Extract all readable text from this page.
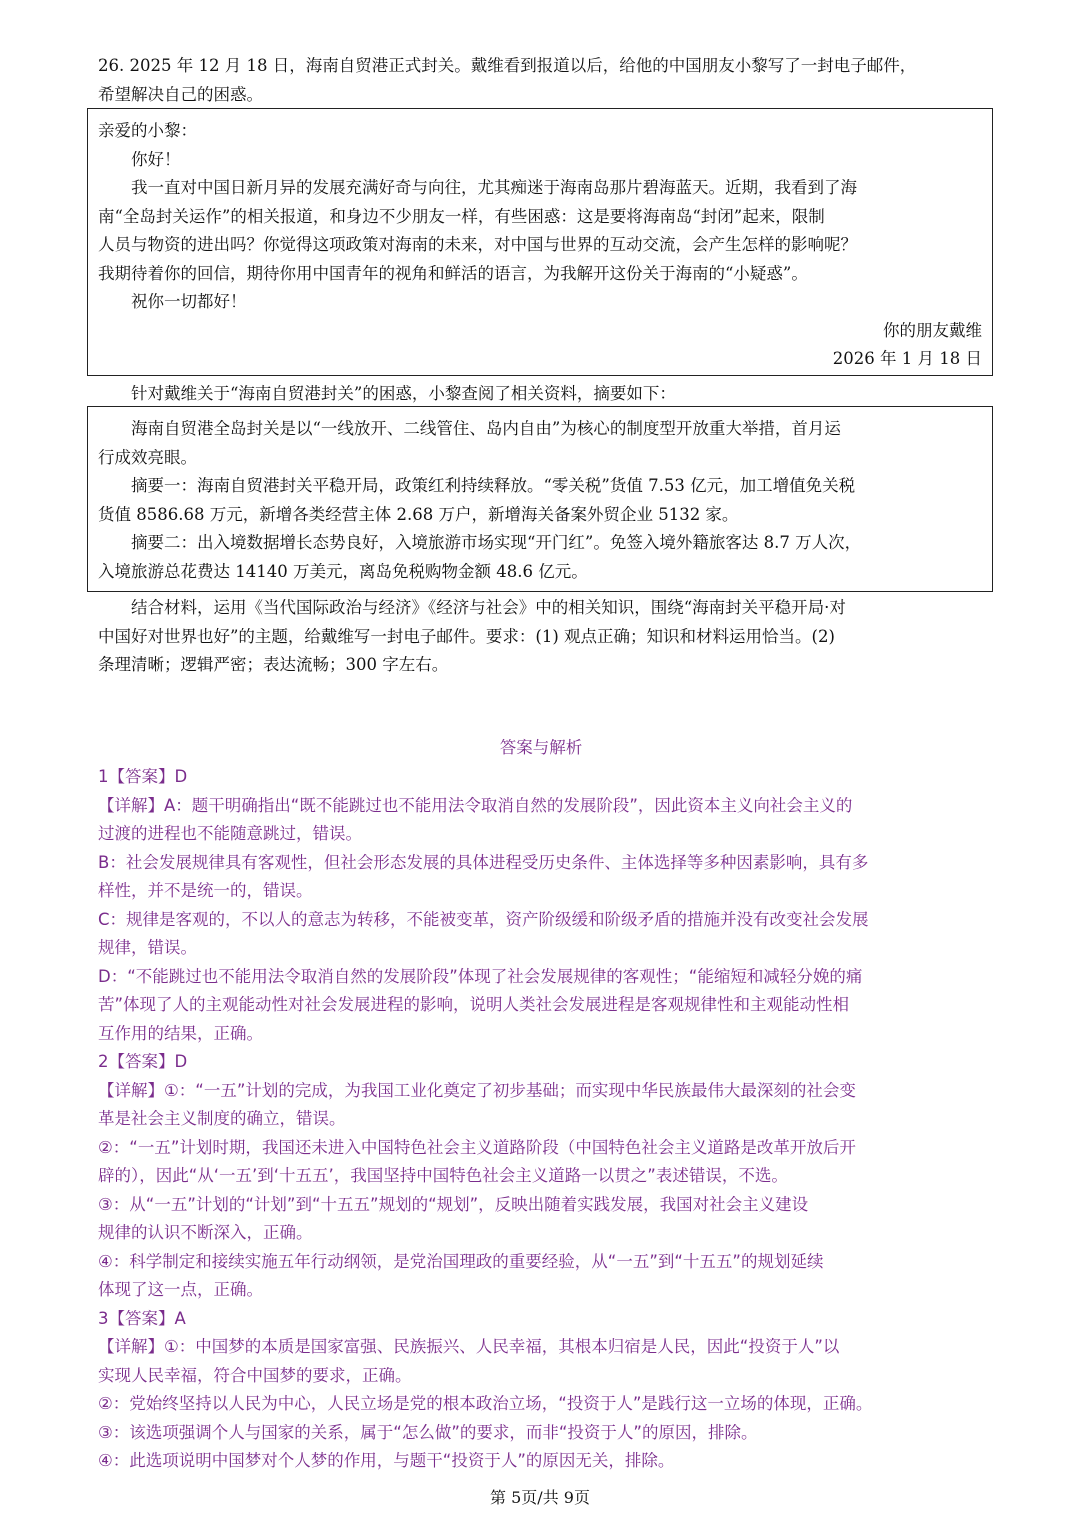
26. 2025 年 12 月 18 日，海南自贸港正式封关。戴维看到报道以后，给他的中国朋友小黎写了一封电子邮件，

希望解决自己的困惑。

亲爱的小黎：

你好！

我一直对中国日新月异的发展充满好奇与向往，尤其痴迷于海南岛那片碧海蓝天。近期，我看到了海

南“全岛封关运作”的相关报道，和身边不少朋友一样，有些困惑：这是要将海南岛“封闭”起来，限制

人员与物资的进出吗？你觉得这项政策对海南的未来，对中国与世界的互动交流，会产生怎样的影响呢？

我期待着你的回信，期待你用中国青年的视角和鲜活的语言，为我解开这份关于海南的“小疑惑”。

祝你一切都好！

你的朋友戴维

2026 年 1 月 18 日

针对戴维关于“海南自贸港封关”的困惑，小黎查阅了相关资料，摘要如下：

海南自贸港全岛封关是以“一线放开、二线管住、岛内自由”为核心的制度型开放重大举措，首月运

行成效亮眼。

摘要一：海南自贸港封关平稳开局，政策红利持续释放。“零关税”货值 7.53 亿元，加工增值免关税

货值 8586.68 万元，新增各类经营主体 2.68 万户，新增海关备案外贸企业 5132 家。

摘要二：出入境数据增长态势良好，入境旅游市场实现“开门红”。免签入境外籍旅客达 8.7 万人次，

入境旅游总花费达 14140 万美元，离岛免税购物金额 48.6 亿元。

结合材料，运用《当代国际政治与经济》《经济与社会》中的相关知识，围绕“海南封关平稳开局·对

中国好对世界也好”的主题，给戴维写一封电子邮件。要求：(1) 观点正确；知识和材料运用恰当。(2)

条理清晰；逻辑严密；表达流畅；300 字左右。

答案与解析

1【答案】D

【详解】A：题干明确指出“既不能跳过也不能用法令取消自然的发展阶段”，因此资本主义向社会主义的

过渡的进程也不能随意跳过，错误。

B：社会发展规律具有客观性，但社会形态发展的具体进程受历史条件、主体选择等多种因素影响，具有多

样性，并不是统一的，错误。

C：规律是客观的，不以人的意志为转移，不能被变革，资产阶级缓和阶级矛盾的措施并没有改变社会发展

规律，错误。

D：“不能跳过也不能用法令取消自然的发展阶段”体现了社会发展规律的客观性；“能缩短和减轻分娩的痛

苦”体现了人的主观能动性对社会发展进程的影响，说明人类社会发展进程是客观规律性和主观能动性相

互作用的结果，正确。

2【答案】D

【详解】①：“一五”计划的完成，为我国工业化奠定了初步基础；而实现中华民族最伟大最深刻的社会变

革是社会主义制度的确立，错误。

②：“一五”计划时期，我国还未进入中国特色社会主义道路阶段（中国特色社会主义道路是改革开放后开

辟的），因此“从‘一五’到‘十五五’，我国坚持中国特色社会主义道路一以贯之”表述错误，不选。

③：从“一五”计划的“计划”到“十五五”规划的“规划”，反映出随着实践发展，我国对社会主义建设

规律的认识不断深入，正确。

④：科学制定和接续实施五年行动纲领，是党治国理政的重要经验，从“一五”到“十五五”的规划延续

体现了这一点，正确。

3【答案】A

【详解】①：中国梦的本质是国家富强、民族振兴、人民幸福，其根本归宿是人民，因此“投资于人”以

实现人民幸福，符合中国梦的要求，正确。

②：党始终坚持以人民为中心，人民立场是党的根本政治立场，“投资于人”是践行这一立场的体现，正确。

③：该选项强调个人与国家的关系，属于“怎么做”的要求，而非“投资于人”的原因，排除。

④：此选项说明中国梦对个人梦的作用，与题干“投资于人”的原因无关，排除。

第 5页/共 9页
